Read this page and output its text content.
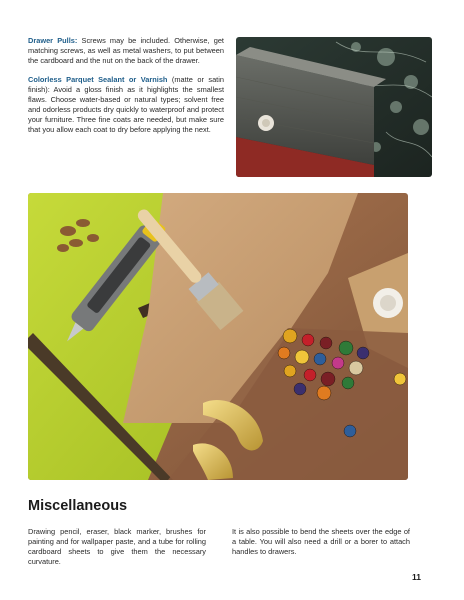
Drawer Pulls: Screws may be included. Otherwise, get matching screws, as well as metal washers, to put between the cardboard and the nut on the back of the drawer.

Colorless Parquet Sealant or Varnish (matte or satin finish): Avoid a gloss finish as it highlights the smallest flaws. Choose water-based or natural types; solvent free and odorless products dry quickly to waterproof and protect your furniture. Three fine coats are needed, but make sure that you allow each coat to dry before applying the next.

Miscellaneous
Drawing pencil, eraser, black marker, brushes for painting and for wallpaper paste, and a tube for rolling cardboard sheets to give them the necessary curvature.
It is also possible to bend the sheets over the edge of a table. You will also need a drill or a borer to attach handles to drawers.
11
